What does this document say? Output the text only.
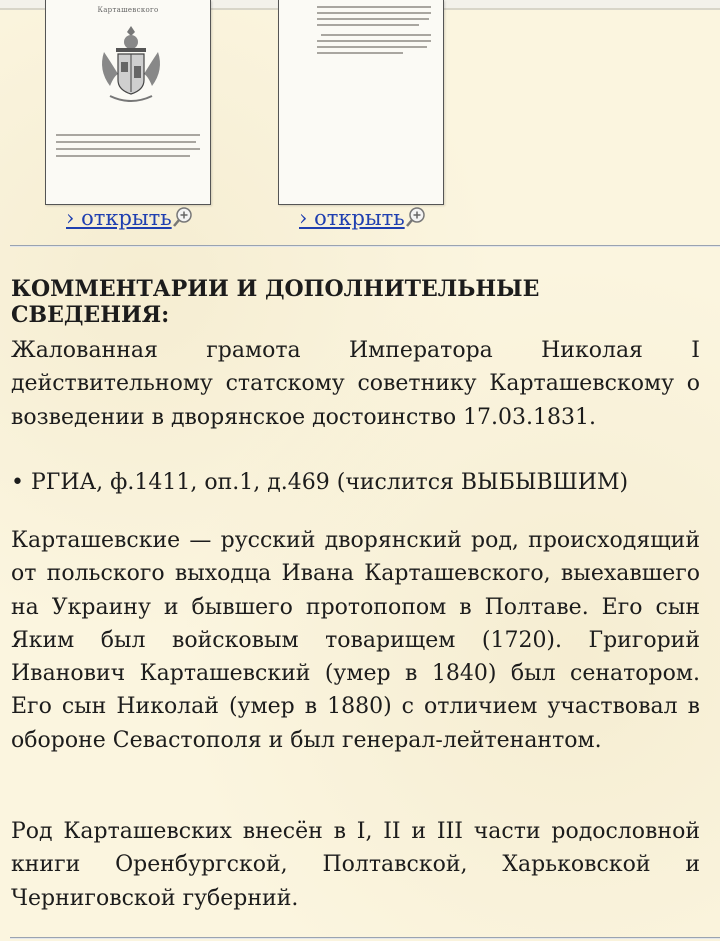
Карташевского
› открыть	› открыть
КОММЕНТАРИИ И ДОПОЛНИТЕЛЬНЫЕ СВЕДЕНИЯ:

Жалованная грамота Императора Николая I действительному статскому советнику Карташевскому о возведении в дворянское достоинство 17.03.1831.

• РГИА, ф.1411, оп.1, д.469 (числится ВЫБЫВШИМ)

Карташевские — русский дворянский род, происходящий от польского выходца Ивана Карташевского, выехавшего на Украину и бывшего протопопом в Полтаве. Его сын Яким был войсковым товарищем (1720). Григорий Иванович Карташевский (умер в 1840) был сенатором. Его сын Николай (умер в 1880) с отличием участвовал в обороне Севастополя и был генерал-лейтенантом.

Род Карташевских внесён в I, II и III части родословной книги Оренбургской, Полтавской, Харьковской и Черниговской губерний.
